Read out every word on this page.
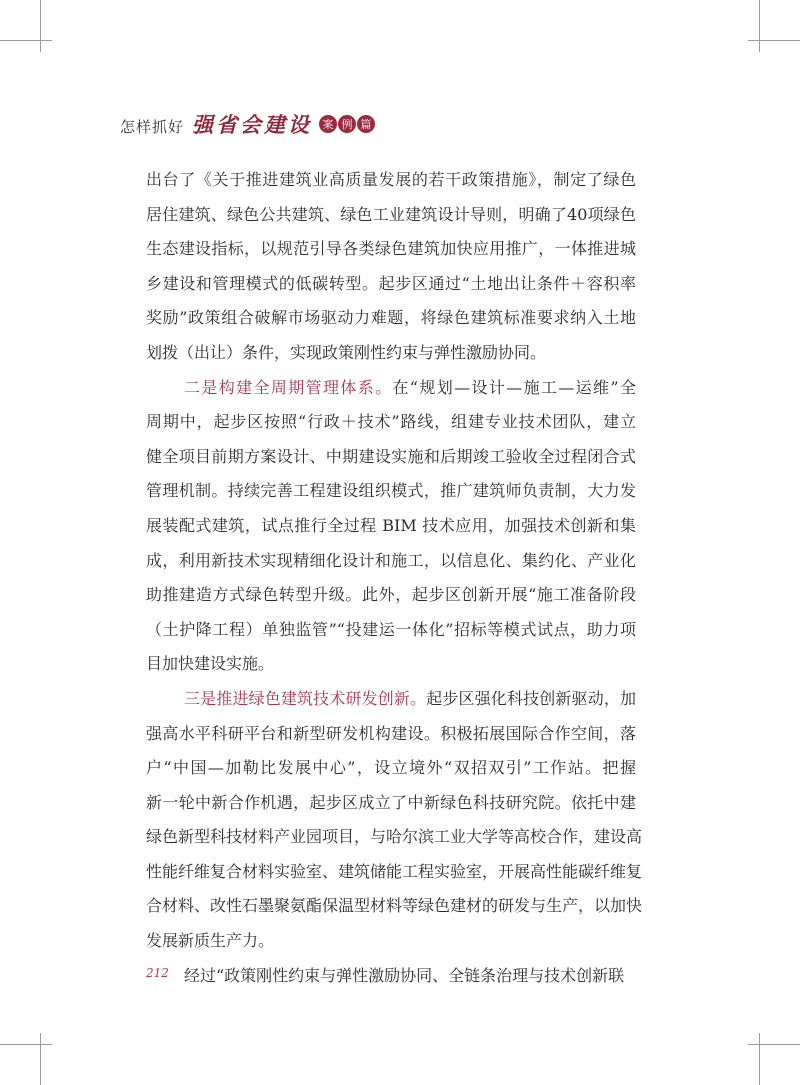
怎样抓好 强省会建设 案 例 篇
出台了《关于推进建筑业高质量发展的若干政策措施》，制定了绿色
居住建筑、绿色公共建筑、绿色工业建筑设计导则，明确了40项绿色
生态建设指标，以规范引导各类绿色建筑加快应用推广，一体推进城
乡建设和管理模式的低碳转型。起步区通过“土地出让条件＋容积率
奖励”政策组合破解市场驱动力难题，将绿色建筑标准要求纳入土地
划拨（出让）条件，实现政策刚性约束与弹性激励协同。
二是构建全周期管理体系。在“规划—设计—施工—运维”全
周期中，起步区按照“行政＋技术”路线，组建专业技术团队，建立
健全项目前期方案设计、中期建设实施和后期竣工验收全过程闭合式
管理机制。持续完善工程建设组织模式，推广建筑师负责制，大力发
展装配式建筑，试点推行全过程 BIM 技术应用，加强技术创新和集
成，利用新技术实现精细化设计和施工，以信息化、集约化、产业化
助推建造方式绿色转型升级。此外，起步区创新开展“施工准备阶段
（土护降工程）单独监管”“投建运一体化”招标等模式试点，助力项
目加快建设实施。
三是推进绿色建筑技术研发创新。起步区强化科技创新驱动，加
强高水平科研平台和新型研发机构建设。积极拓展国际合作空间，落
户“中国—加勒比发展中心”，设立境外“双招双引”工作站。把握
新一轮中新合作机遇，起步区成立了中新绿色科技研究院。依托中建
绿色新型科技材料产业园项目，与哈尔滨工业大学等高校合作，建设高
性能纤维复合材料实验室、建筑储能工程实验室，开展高性能碳纤维复
合材料、改性石墨聚氨酯保温型材料等绿色建材的研发与生产，以加快
发展新质生产力。
经过“政策刚性约束与弹性激励协同、全链条治理与技术创新联
212
